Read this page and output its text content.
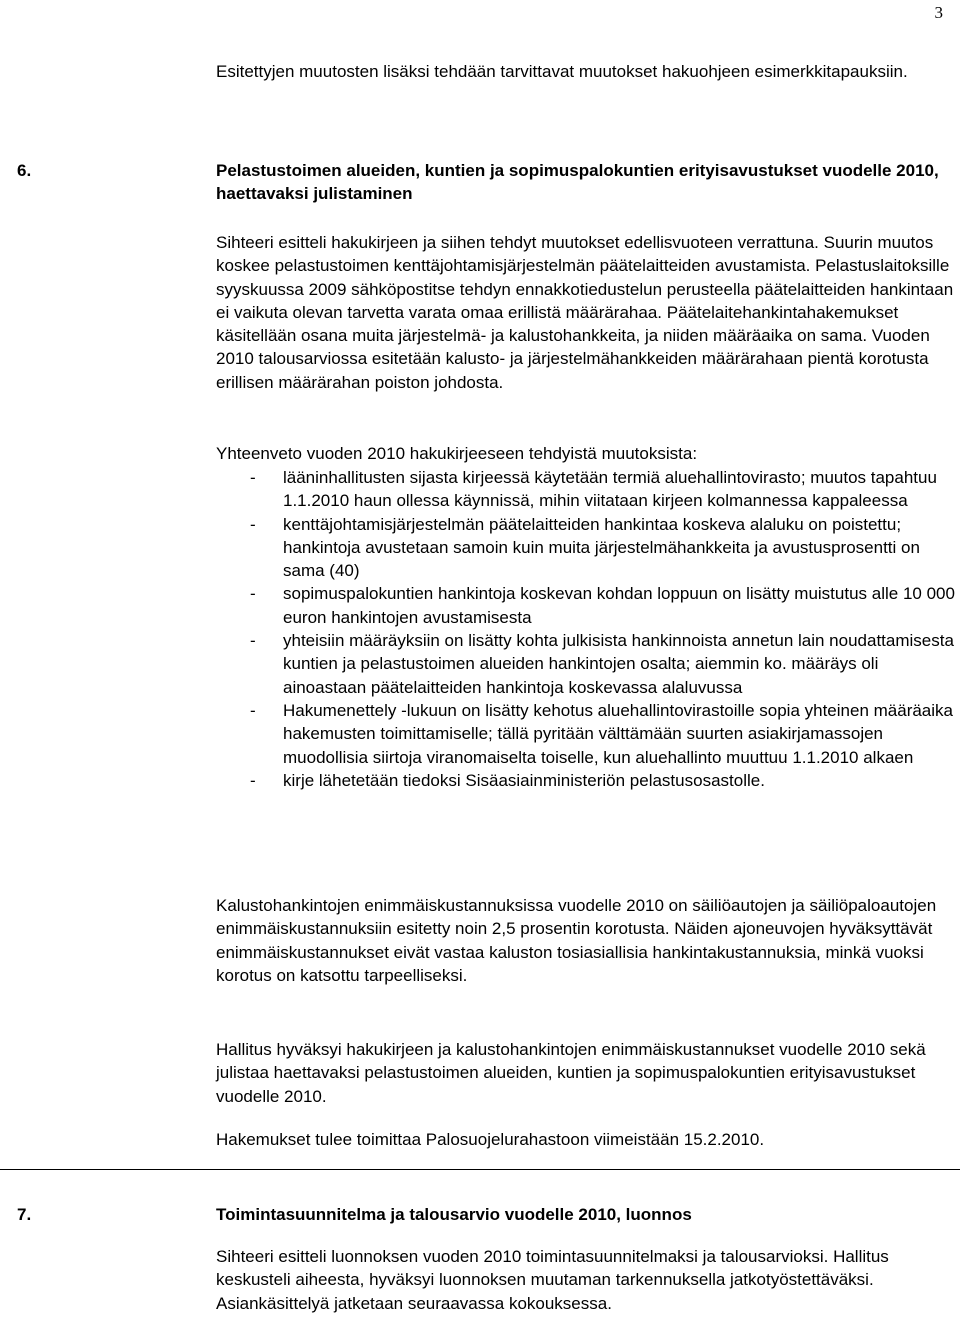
3

Esitettyjen muutosten lisäksi tehdään tarvittavat muutokset hakuohjeen esimerkkitapauksiin.

6.	Pelastustoimen alueiden, kuntien ja sopimuspalokuntien erityisavustukset vuodelle 2010, haettavaksi julistaminen

Sihteeri esitteli hakukirjeen ja siihen tehdyt muutokset edellisvuoteen verrattuna. Suurin muutos koskee pelastustoimen kenttäjohtamisjärjestelmän päätelaitteiden avustamista. Pelastuslaitoksille syyskuussa 2009 sähköpostitse tehdyn ennakkotiedustelun perusteella päätelaitteiden hankintaan ei vaikuta olevan tarvetta varata omaa erillistä määrärahaa. Päätelaitehankintahakemukset käsitellään osana muita järjestelmä- ja kalustohankkeita, ja niiden määräaika on sama. Vuoden 2010 talousarviossa esitetään kalusto- ja järjestelmähankkeiden määrärahaan pientä korotusta erillisen määrärahan poiston johdosta.

Yhteenveto vuoden 2010 hakukirjeeseen tehdyistä muutoksista:

- lääninhallitusten sijasta kirjeessä käytetään termiä aluehallintovirasto; muutos tapahtuu 1.1.2010 haun ollessa käynnissä, mihin viitataan kirjeen kolmannessa kappaleessa
- kenttäjohtamisjärjestelmän päätelaitteiden hankintaa koskeva alaluku on poistettu; hankintoja avustetaan samoin kuin muita järjestelmähankkeita ja avustusprosentti on sama (40)
- sopimuspalokuntien hankintoja koskevan kohdan loppuun on lisätty muistutus alle 10 000 euron hankintojen avustamisesta
- yhteisiin määräyksiin on lisätty kohta julkisista hankinnoista annetun lain noudattamisesta kuntien ja pelastustoimen alueiden hankintojen osalta; aiemmin ko. määräys oli ainoastaan päätelaitteiden hankintoja koskevassa alaluvussa
- Hakumenettely -lukuun on lisätty kehotus aluehallintovirastoille sopia yhteinen määräaika hakemusten toimittamiselle; tällä pyritään välttämään suurten asiakirjamassojen muodollisia siirtoja viranomaiselta toiselle, kun aluehallinto muuttuu 1.1.2010 alkaen
- kirje lähetetään tiedoksi Sisäasiainministeriön pelastusosastolle.

Kalustohankintojen enimmäiskustannuksissa vuodelle 2010 on säiliöautojen ja säiliöpaloautojen enimmäiskustannuksiin esitetty noin 2,5 prosentin korotusta. Näiden ajoneuvojen hyväksyttävät enimmäiskustannukset eivät vastaa kaluston tosiasiallisia hankintakustannuksia, minkä vuoksi korotus on katsottu tarpeelliseksi.

Hallitus hyväksyi hakukirjeen ja kalustohankintojen enimmäiskustannukset vuodelle 2010 sekä julistaa haettavaksi pelastustoimen alueiden, kuntien ja sopimuspalokuntien erityisavustukset vuodelle 2010.

Hakemukset tulee toimittaa Palosuojelurahastoon viimeistään 15.2.2010.

7.	Toimintasuunnitelma ja talousarvio vuodelle 2010, luonnos

Sihteeri esitteli luonnoksen vuoden 2010 toimintasuunnitelmaksi ja talousarvioksi. Hallitus keskusteli aiheesta, hyväksyi luonnoksen muutaman tarkennuksella jatkotyöstettäväksi. Asiankäsittelyä jatketaan seuraavassa kokouksessa.
